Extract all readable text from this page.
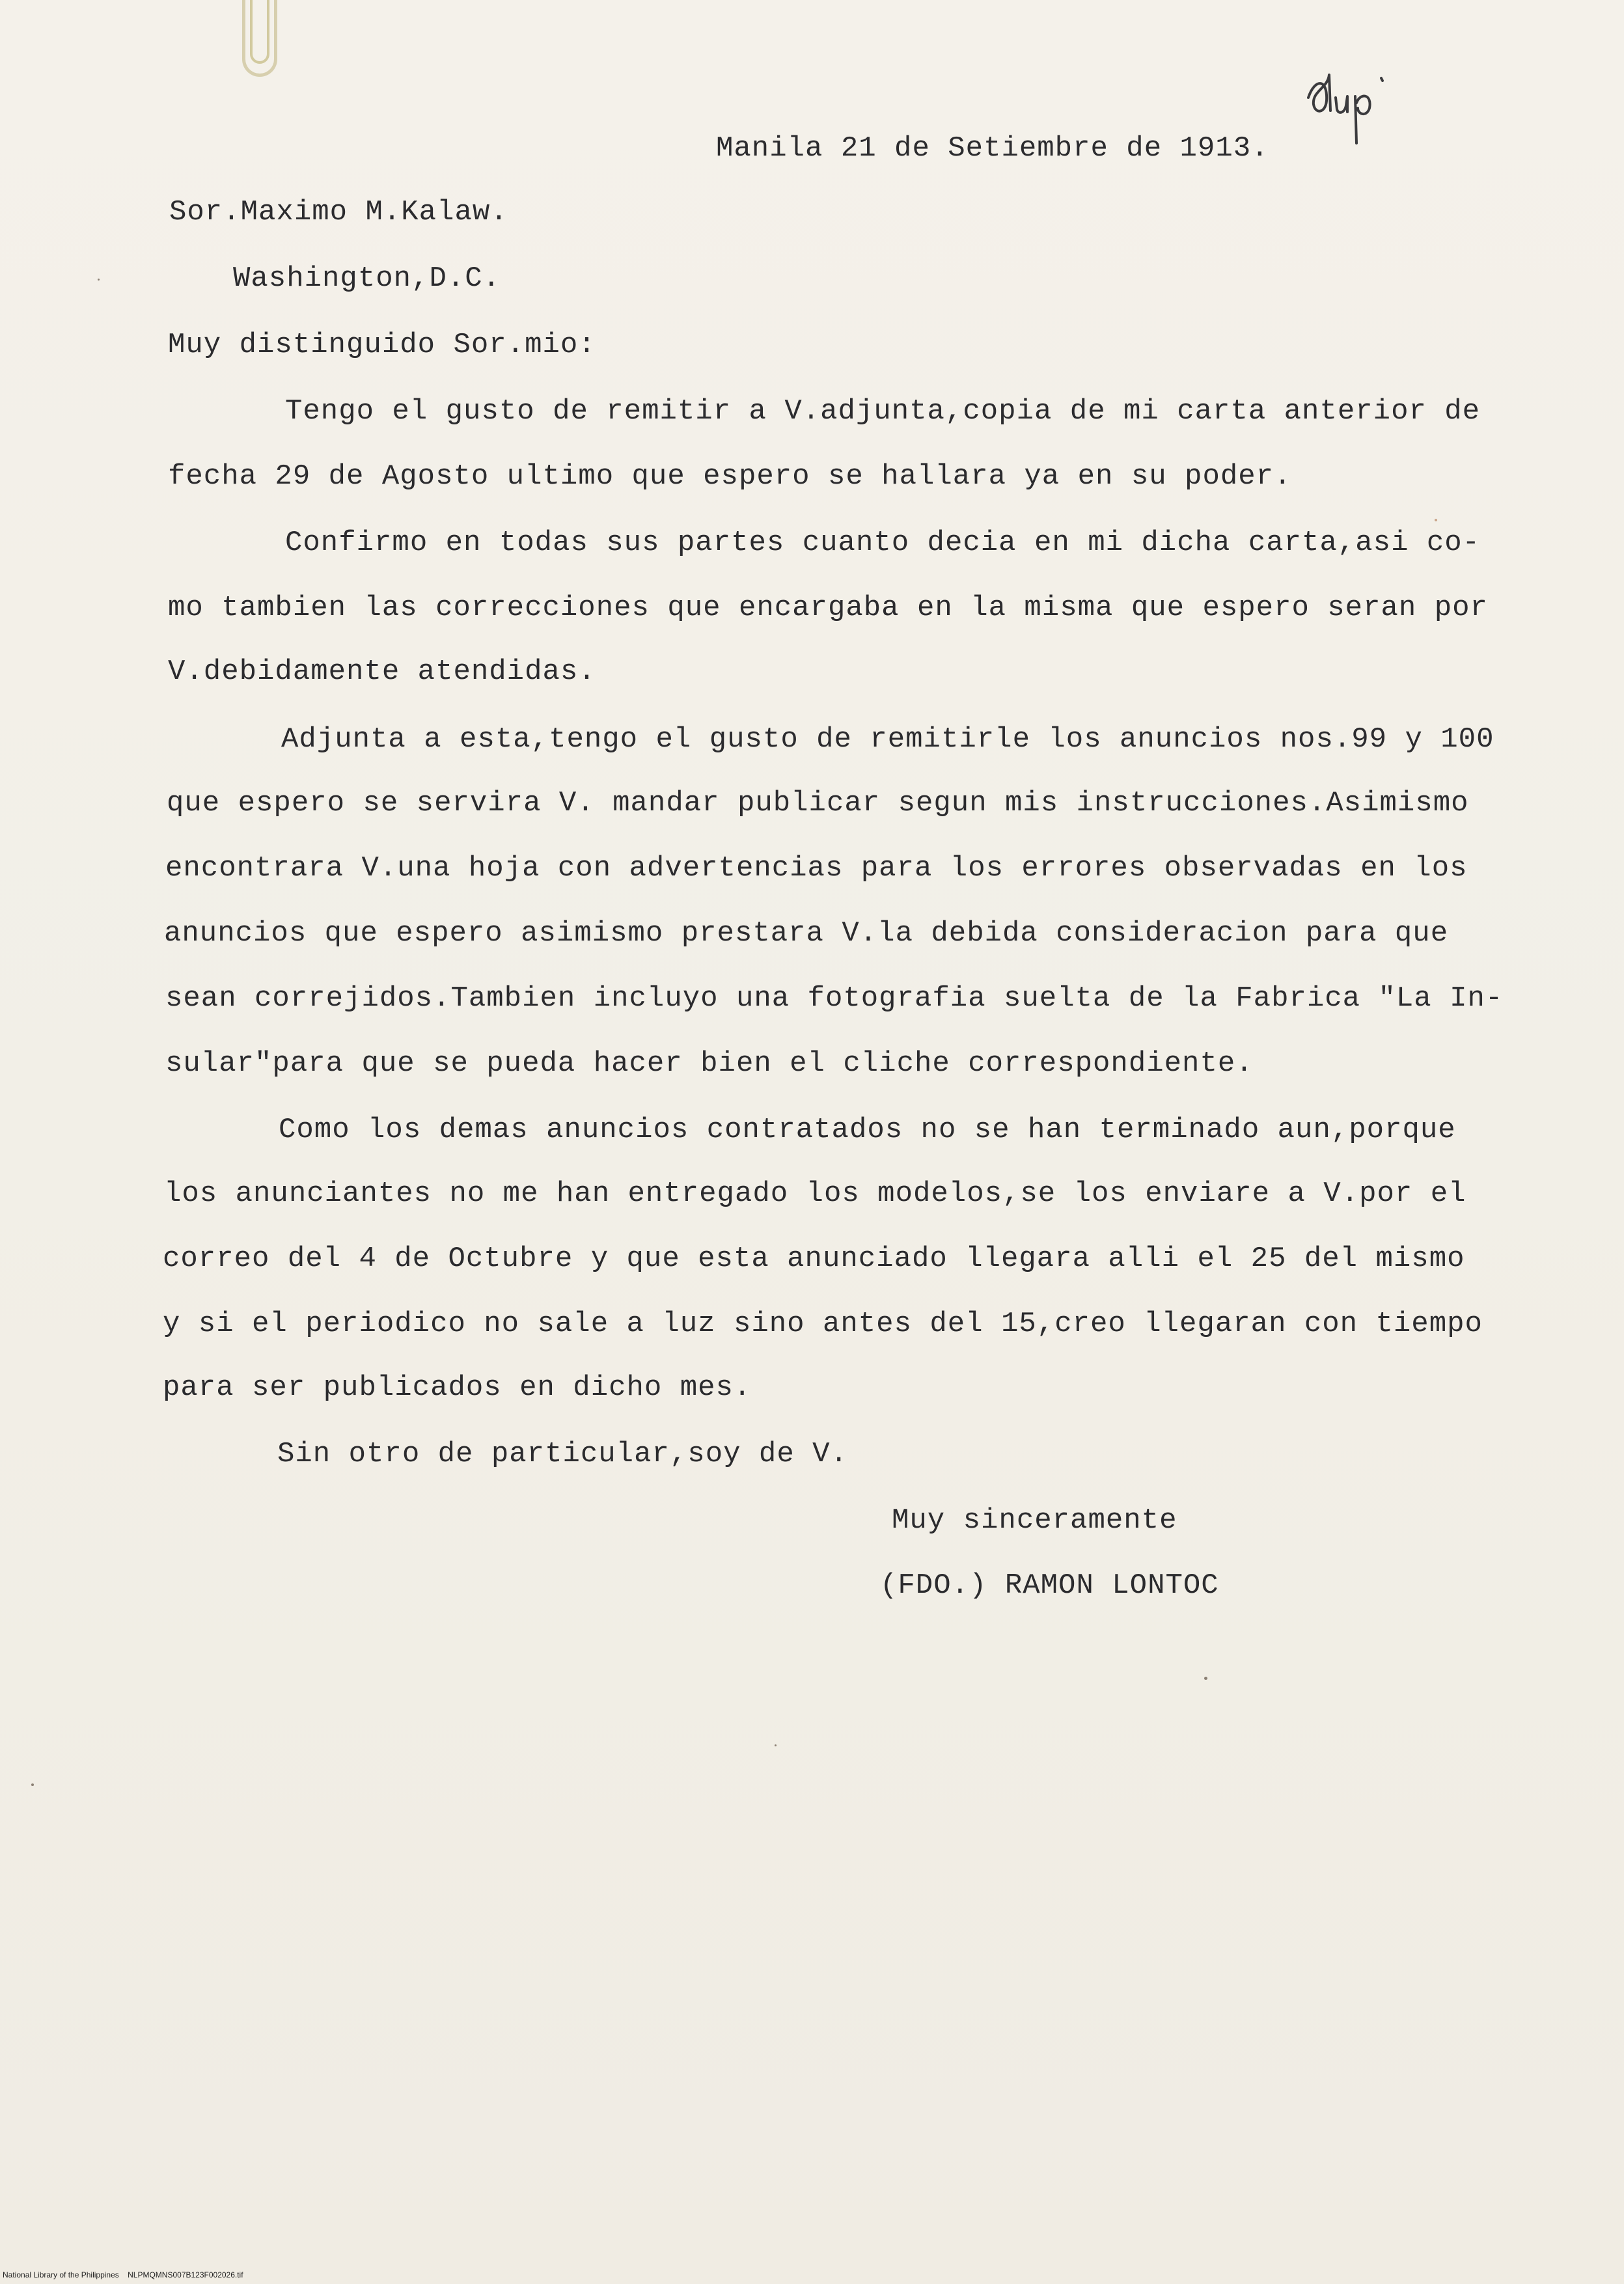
Manila 21 de Setiembre de 1913.
Sor.Maximo M.Kalaw.
Washington,D.C.
Muy distinguido Sor.mio:
Tengo el gusto de remitir a V.adjunta,copia de mi carta anterior de
fecha 29 de Agosto ultimo que espero se hallara ya en su poder.
Confirmo en todas sus partes cuanto decia en mi dicha carta,asi co-
mo tambien las correcciones que encargaba en la misma que espero seran por
V.debidamente atendidas.
Adjunta a esta,tengo el gusto de remitirle los anuncios nos.99 y 100
que espero se servira V. mandar publicar segun mis instrucciones.Asimismo
encontrara V.una hoja con advertencias para los errores observadas en los
anuncios que espero asimismo prestara V.la debida consideracion para que
sean correjidos.Tambien incluyo una fotografia suelta de la Fabrica "La In-
sular"para que se pueda hacer bien el cliche correspondiente.
Como los demas anuncios contratados no se han terminado aun,porque
los anunciantes no me han entregado los modelos,se los enviare a V.por el
correo del 4 de Octubre y que esta anunciado llegara alli el 25 del mismo
y si el periodico no sale a luz sino antes del 15,creo llegaran con tiempo
para ser publicados en dicho mes.
Sin otro de particular,soy de V.
Muy sinceramente
(FDO.) RAMON LONTOC
National Library of the Philippines NLPMQMNS007B123F002026.tif
